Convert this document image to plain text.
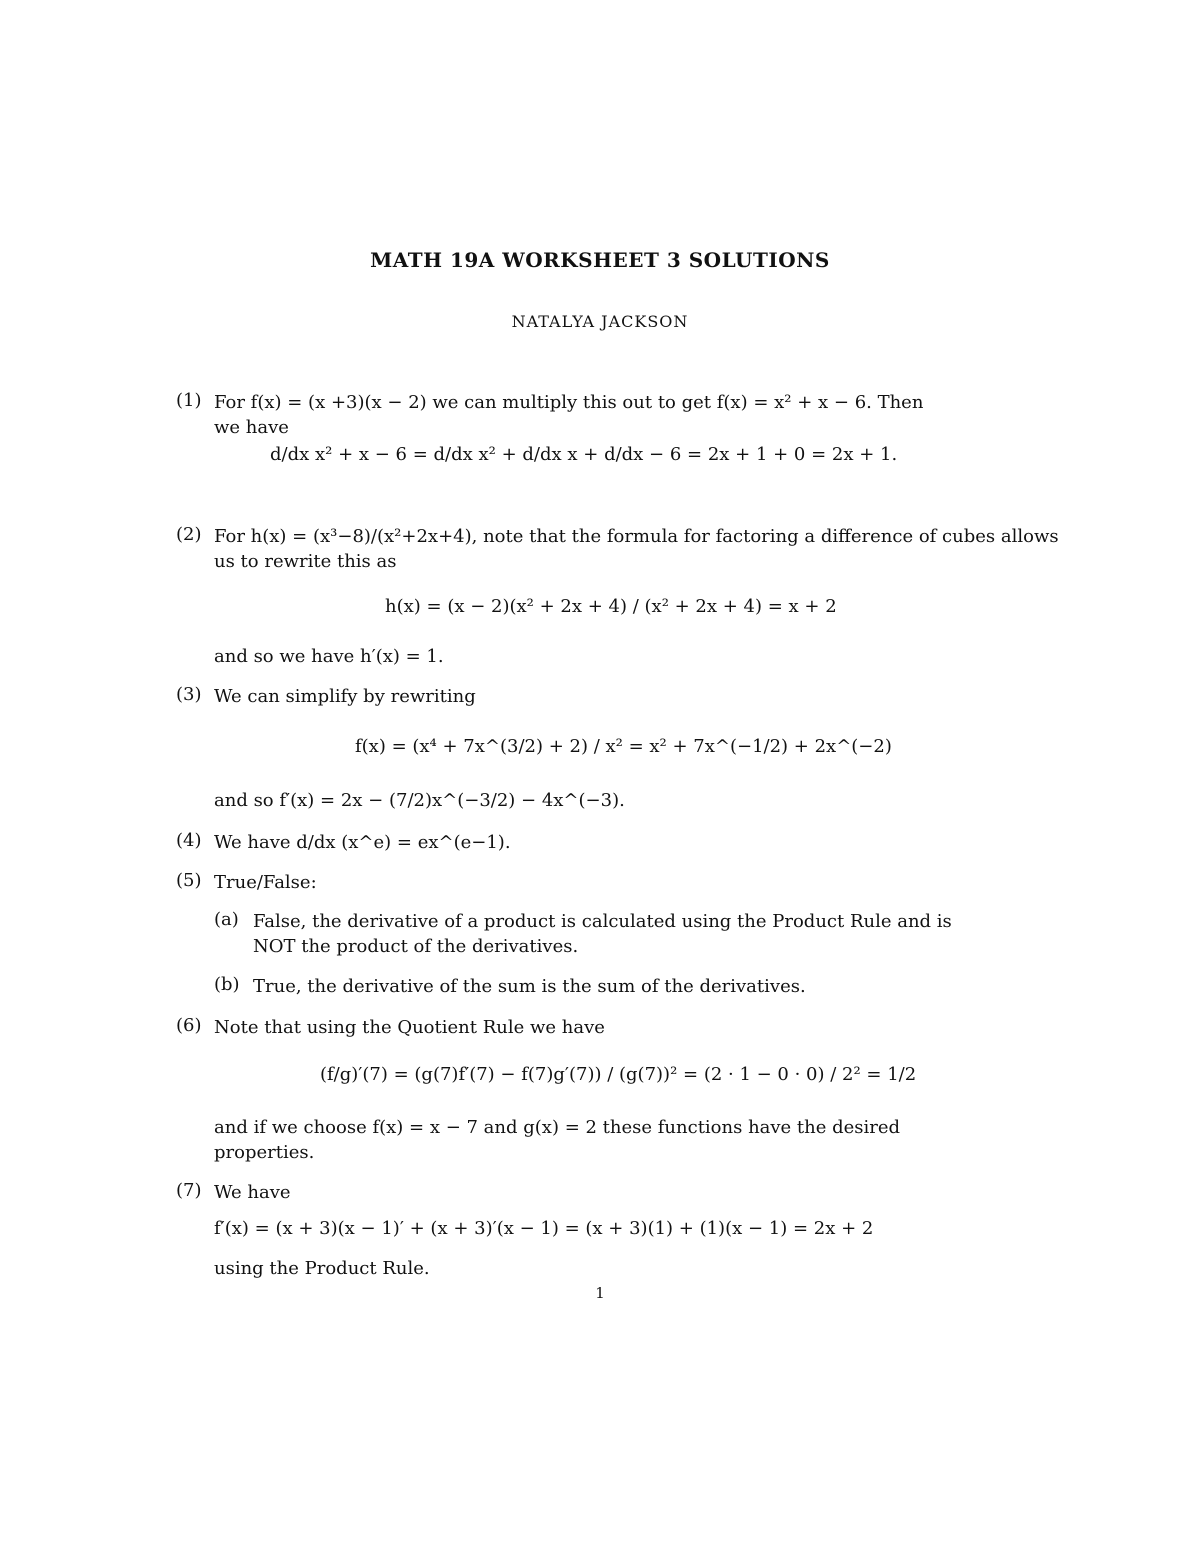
MATH 19A WORKSHEET 3 SOLUTIONS
NATALYA JACKSON
(1) For f(x) = (x +3)(x − 2) we can multiply this out to get f(x) = x² + x − 6. Then
we have
d/dx x² + x − 6 = d/dx x² + d/dx x + d/dx − 6 = 2x + 1 + 0 = 2x + 1.
(2) For h(x) = (x³−8)/(x²+2x+4), note that the formula for factoring a difference of cubes allows
us to rewrite this as
h(x) = (x − 2)(x² + 2x + 4) / (x² + 2x + 4) = x + 2
and so we have h′(x) = 1.
(3) We can simplify by rewriting
f(x) = (x⁴ + 7x^(3/2) + 2) / x² = x² + 7x^(−1/2) + 2x^(−2)
and so f′(x) = 2x − (7/2)x^(−3/2) − 4x^(−3).
(4) We have d/dx (x^e) = ex^(e−1).
(5) True/False:
(a) False, the derivative of a product is calculated using the Product Rule and is
NOT the product of the derivatives.
(b) True, the derivative of the sum is the sum of the derivatives.
(6) Note that using the Quotient Rule we have
(f/g)′(7) = (g(7)f′(7) − f(7)g′(7)) / (g(7))² = (2 · 1 − 0 · 0) / 2² = 1/2
and if we choose f(x) = x − 7 and g(x) = 2 these functions have the desired
properties.
(7) We have
f′(x) = (x + 3)(x − 1)′ + (x + 3)′(x − 1) = (x + 3)(1) + (1)(x − 1) = 2x + 2
using the Product Rule.
1
